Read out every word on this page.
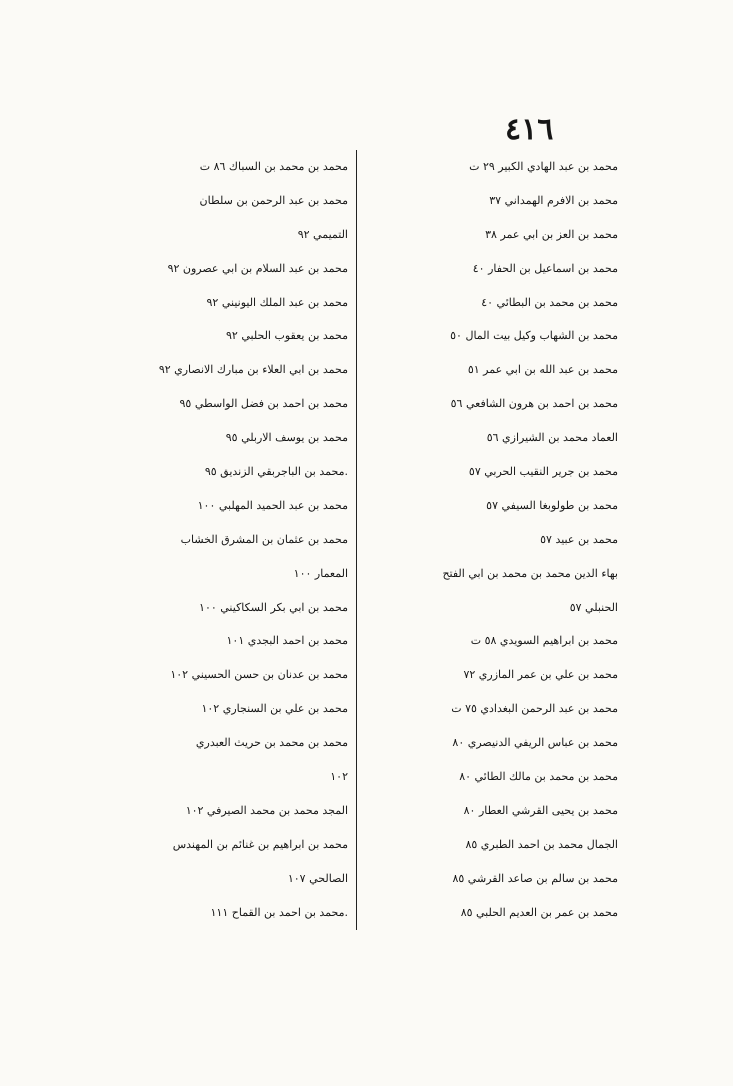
٤١٦
محمد بن عبد الهادي الكبير ٢٩ ت
محمد بن الافرم الهمداني ٣٧
محمد بن العز بن ابي عمر ٣٨
محمد بن اسماعيل بن الحفار ٤٠
محمد بن محمد بن البطائي ٤٠
محمد بن الشهاب وكيل بيت المال ٥٠
محمد بن عبد الله بن ابي عمر ٥١
محمد بن احمد بن هرون الشافعي ٥٦
العماد محمد بن الشيرازي ٥٦
محمد بن جرير النقيب الحربي ٥٧
محمد بن طولوبغا السيفي ٥٧
محمد بن عبيد ٥٧
بهاء الدين محمد بن محمد بن ابي الفتح
الحنبلي ٥٧
محمد بن ابراهيم السويدي ٥٨ ت
محمد بن علي بن عمر المازري ٧٢
محمد بن عبد الرحمن البغدادي ٧٥ ت
محمد بن عباس الريفي الدنيصري ٨٠
محمد بن محمد بن مالك الطائي ٨٠
محمد بن يحيى القرشي العطار ٨٠
الجمال محمد بن احمد الطبري ٨٥
محمد بن سالم بن صاعد القرشي ٨٥
محمد بن عمر بن العديم الحلبي ٨٥
محمد بن محمد بن السباك ٨٦ ت
محمد بن عبد الرحمن بن سلطان
التميمي ٩٢
محمد بن عبد السلام بن ابي عصرون ٩٢
محمد بن عبد الملك اليونيني ٩٢
محمد بن يعقوب الحلبي ٩٢
محمد بن ابي العلاء بن مبارك الانصاري ٩٢
محمد بن احمد بن فضل الواسطي ٩٥
محمد بن يوسف الاربلي ٩٥
.محمد بن الباجربقي الزنديق ٩٥
محمد بن عبد الحميد المهلبي ١٠٠
محمد بن عثمان بن المشرق الخشاب
المعمار ١٠٠
محمد بن ابي بكر السكاكيني ١٠٠
محمد بن احمد البجدي ١٠١
محمد بن عدنان بن حسن الحسيني ١٠٢
محمد بن علي بن السنجاري ١٠٢
محمد بن محمد بن حريث العبدري
١٠٢
المجد محمد بن محمد الصيرفي ١٠٢
محمد بن ابراهيم بن غنائم بن المهندس
الصالحي ١٠٧
.محمد بن احمد بن القماح ١١١
